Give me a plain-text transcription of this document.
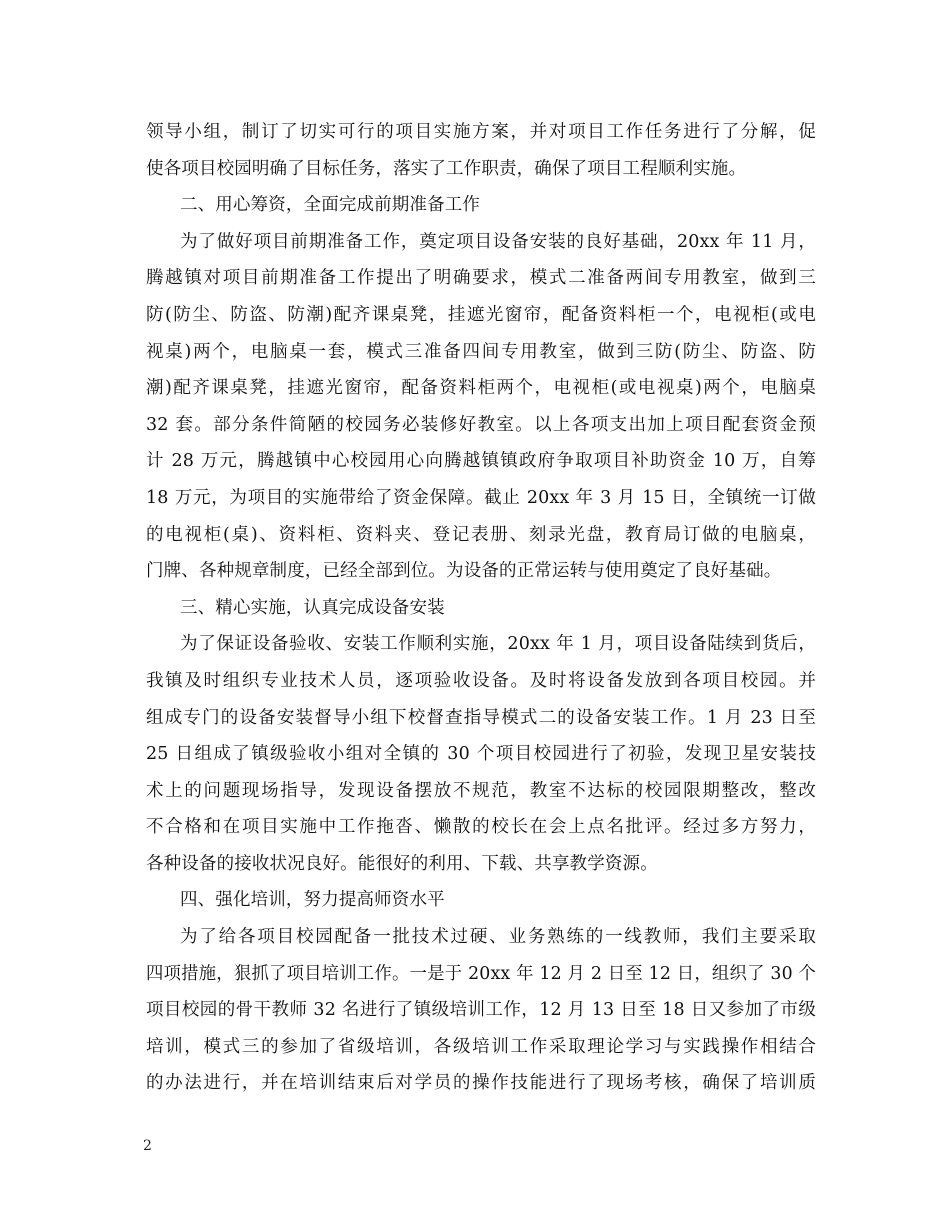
领导小组，制订了切实可行的项目实施方案，并对项目工作任务进行了分解，促
使各项目校园明确了目标任务，落实了工作职责，确保了项目工程顺利实施。
二、用心筹资，全面完成前期准备工作
为了做好项目前期准备工作，奠定项目设备安装的良好基础，20xx 年 11 月，
腾越镇对项目前期准备工作提出了明确要求，模式二准备两间专用教室，做到三
防(防尘、防盗、防潮)配齐课桌凳，挂遮光窗帘，配备资料柜一个，电视柜(或电
视桌)两个，电脑桌一套，模式三准备四间专用教室，做到三防(防尘、防盗、防
潮)配齐课桌凳，挂遮光窗帘，配备资料柜两个，电视柜(或电视桌)两个，电脑桌
32 套。部分条件简陋的校园务必装修好教室。以上各项支出加上项目配套资金预
计 28 万元，腾越镇中心校园用心向腾越镇镇政府争取项目补助资金 10 万，自筹
18 万元，为项目的实施带给了资金保障。截止 20xx 年 3 月 15 日，全镇统一订做
的电视柜(桌)、资料柜、资料夹、登记表册、刻录光盘，教育局订做的电脑桌，
门牌、各种规章制度，已经全部到位。为设备的正常运转与使用奠定了良好基础。
三、精心实施，认真完成设备安装
为了保证设备验收、安装工作顺利实施，20xx 年 1 月，项目设备陆续到货后，
我镇及时组织专业技术人员，逐项验收设备。及时将设备发放到各项目校园。并
组成专门的设备安装督导小组下校督查指导模式二的设备安装工作。1 月 23 日至
25 日组成了镇级验收小组对全镇的 30 个项目校园进行了初验，发现卫星安装技
术上的问题现场指导，发现设备摆放不规范，教室不达标的校园限期整改，整改
不合格和在项目实施中工作拖沓、懒散的校长在会上点名批评。经过多方努力，
各种设备的接收状况良好。能很好的利用、下载、共享教学资源。
四、强化培训，努力提高师资水平
为了给各项目校园配备一批技术过硬、业务熟练的一线教师，我们主要采取
四项措施，狠抓了项目培训工作。一是于 20xx 年 12 月 2 日至 12 日，组织了 30 个
项目校园的骨干教师 32 名进行了镇级培训工作，12 月 13 日至 18 日又参加了市级
培训，模式三的参加了省级培训，各级培训工作采取理论学习与实践操作相结合
的办法进行，并在培训结束后对学员的操作技能进行了现场考核，确保了培训质
2
